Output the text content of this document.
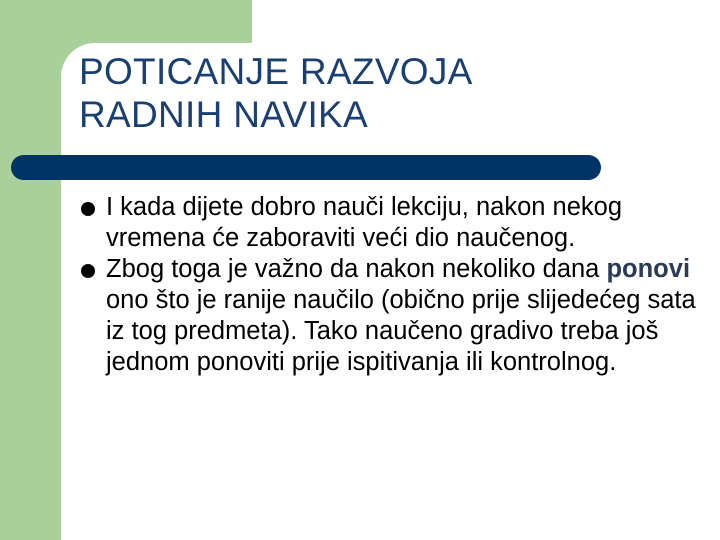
POTICANJE RAZVOJA
RADNIH NAVIKA
I kada dijete dobro nauči lekciju, nakon nekog vremena će zaboraviti veći dio naučenog.
Zbog toga je važno da nakon nekoliko dana ponovi ono što je ranije naučilo (obično prije slijedećeg sata iz tog predmeta). Tako naučeno gradivo treba još jednom ponoviti prije ispitivanja ili kontrolnog.
